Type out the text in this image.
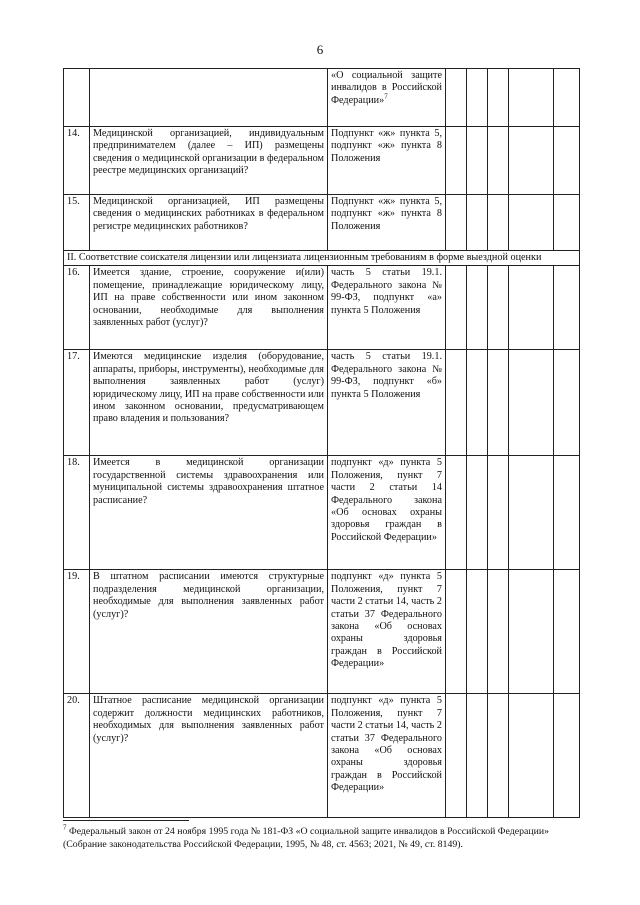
6
		«О социальной защите инвалидов в Российской Федерации»$^7$					
14.	Медицинской организацией, индивидуальным предпринимателем (далее – ИП) размещены сведения о медицинской организации в федеральном реестре медицинских организаций?	Подпункт «ж» пункта 5, подпункт «ж» пункта 8 Положения					
15.	Медицинской организацией, ИП размещены сведения о медицинских работниках в федеральном регистре медицинских работников?	Подпункт «ж» пункта 5, подпункт «ж» пункта 8 Положения					
II. Соответствие соискателя лицензии или лицензиата лицензионным требованиям в форме выездной оценки							
16.	Имеется здание, строение, сооружение и(или) помещение, принадлежащие юридическому лицу, ИП на праве собственности или ином законном основании, необходимые для выполнения заявленных работ (услуг)?	часть 5 статьи 19.1. Федерального закона № 99-ФЗ, подпункт «а» пункта 5 Положения					
17.	Имеются медицинские изделия (оборудование, аппараты, приборы, инструменты), необходимые для выполнения заявленных работ (услуг) юридическому лицу, ИП на праве собственности или ином законном основании, предусматривающем право владения и пользования?	часть 5 статьи 19.1. Федерального закона № 99-ФЗ, подпункт «б» пункта 5 Положения					
18.	Имеется в медицинской организации государственной системы здравоохранения или муниципальной системы здравоохранения штатное расписание?	подпункт «д» пункта 5 Положения, пункт 7 части 2 статьи 14 Федерального закона «Об основах охраны здоровья граждан в Российской Федерации»					
19.	В штатном расписании имеются структурные подразделения медицинской организации, необходимые для выполнения заявленных работ (услуг)?	подпункт «д» пункта 5 Положения, пункт 7 части 2 статьи 14, часть 2 статьи 37 Федерального закона «Об основах охраны здоровья граждан в Российской Федерации»					
20.	Штатное расписание медицинской организации содержит должности медицинских работников, необходимых для выполнения заявленных работ (услуг)?	подпункт «д» пункта 5 Положения, пункт 7 части 2 статьи 14, часть 2 статьи 37 Федерального закона «Об основах охраны здоровья граждан в Российской Федерации»					
$^7$ Федеральный закон от 24 ноября 1995 года № 181-ФЗ «О социальной защите инвалидов в Российской Федерации» (Собрание законодательства Российской Федерации, 1995, № 48, ст. 4563; 2021, № 49, ст. 8149).
